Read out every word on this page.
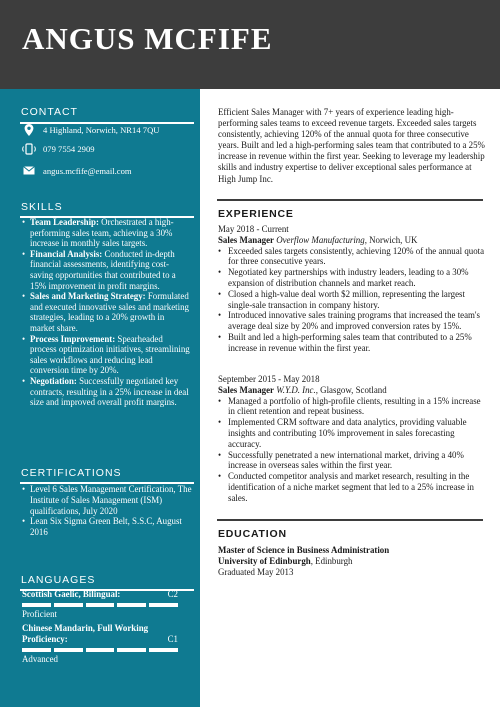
ANGUS MCFIFE
CONTACT
4 Highland, Norwich, NR14 7QU
079 7554 2909
angus.mcfife@email.com
SKILLS
• Team Leadership: Orchestrated a high-performing sales team, achieving a 30% increase in monthly sales targets.
• Financial Analysis: Conducted in-depth financial assessments, identifying cost-saving opportunities that contributed to a 15% improvement in profit margins.
• Sales and Marketing Strategy: Formulated and executed innovative sales and marketing strategies, leading to a 20% growth in market share.
• Process Improvement: Spearheaded process optimization initiatives, streamlining sales workflows and reducing lead conversion time by 20%.
• Negotiation: Successfully negotiated key contracts, resulting in a 25% increase in deal size and improved overall profit margins.
CERTIFICATIONS
• Level 6 Sales Management Certification, The Institute of Sales Management (ISM) qualifications, July 2020
• Lean Six Sigma Green Belt, S.S.C, August 2016
LANGUAGES
Scottish Gaelic, Bilingual:	C2
Proficient
Chinese Mandarin, Full Working Proficiency:	C1
Advanced
Efficient Sales Manager with 7+ years of experience leading high-performing sales teams to exceed revenue targets. Exceeded sales targets consistently, achieving 120% of the annual quota for three consecutive years. Built and led a high-performing sales team that contributed to a 25% increase in revenue within the first year. Seeking to leverage my leadership skills and industry expertise to deliver exceptional sales performance at High Jump Inc.
EXPERIENCE
May 2018 - Current
Sales Manager Overflow Manufacturing, Norwich, UK
• Exceeded sales targets consistently, achieving 120% of the annual quota for three consecutive years.
• Negotiated key partnerships with industry leaders, leading to a 30% expansion of distribution channels and market reach.
• Closed a high-value deal worth $2 million, representing the largest single-sale transaction in company history.
• Introduced innovative sales training programs that increased the team's average deal size by 20% and improved conversion rates by 15%.
• Built and led a high-performing sales team that contributed to a 25% increase in revenue within the first year.
September 2015 - May 2018
Sales Manager W.Y.D. Inc., Glasgow, Scotland
• Managed a portfolio of high-profile clients, resulting in a 15% increase in client retention and repeat business.
• Implemented CRM software and data analytics, providing valuable insights and contributing 10% improvement in sales forecasting accuracy.
• Successfully penetrated a new international market, driving a 40% increase in overseas sales within the first year.
• Conducted competitor analysis and market research, resulting in the identification of a niche market segment that led to a 25% increase in sales.
EDUCATION
Master of Science in Business Administration
University of Edinburgh, Edinburgh
Graduated May 2013
